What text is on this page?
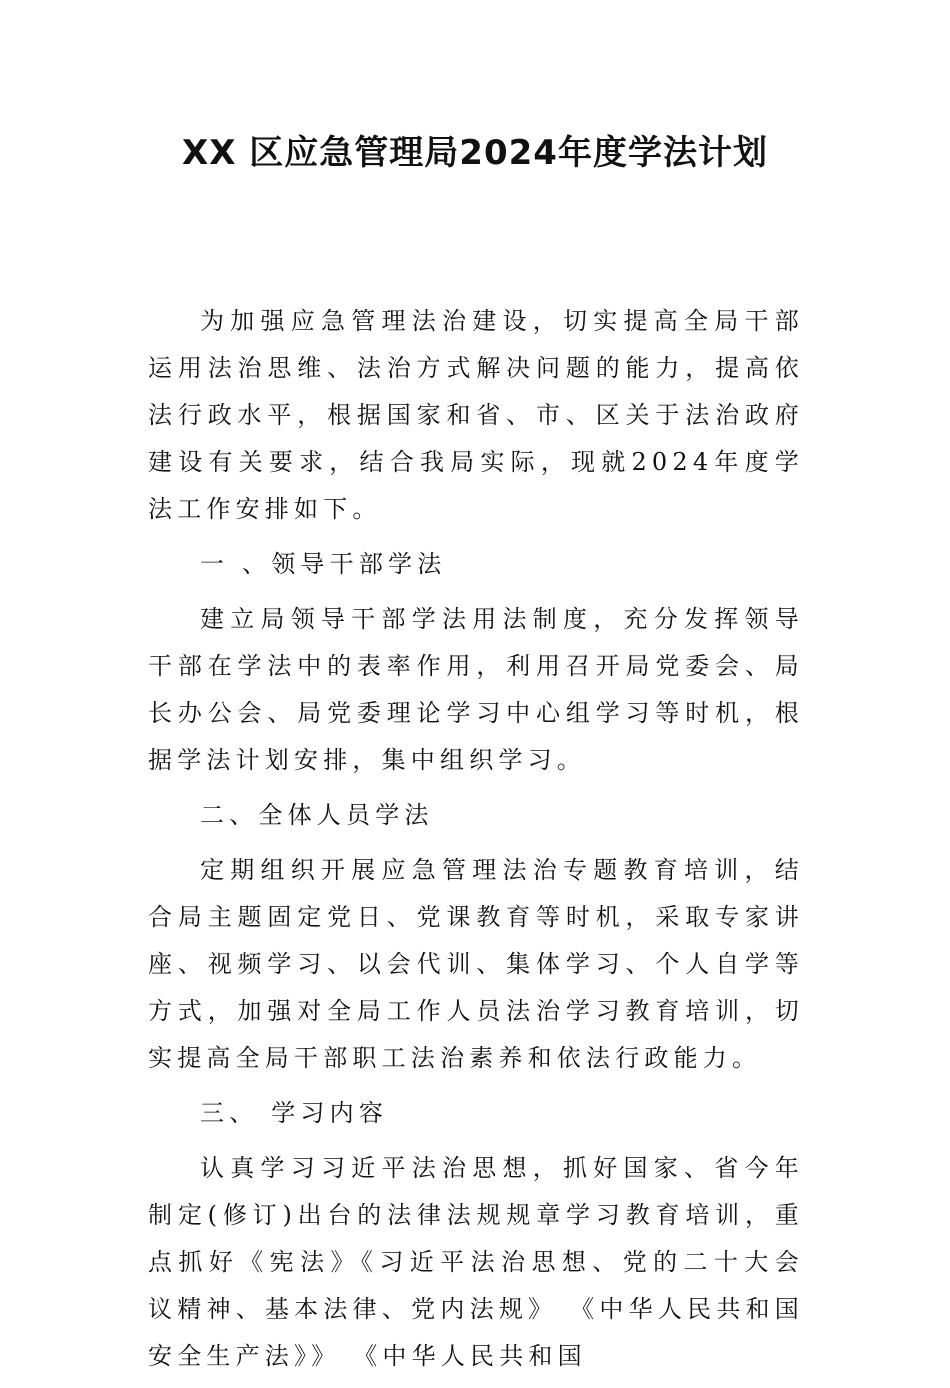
XX 区应急管理局2024年度学法计划

为加强应急管理法治建设，切实提高全局干部运用法治思维、法治方式解决问题的能力，提高依法行政水平，根据国家和省、市、区关于法治政府建设有关要求，结合我局实际，现就2024年度学法工作安排如下。

一 、领导干部学法

建立局领导干部学法用法制度，充分发挥领导干部在学法中的表率作用，利用召开局党委会、局长办公会、局党委理论学习中心组学习等时机，根据学法计划安排，集中组织学习。

二、全体人员学法

定期组织开展应急管理法治专题教育培训，结合局主题固定党日、党课教育等时机，采取专家讲座、视频学习、以会代训、集体学习、个人自学等方式，加强对全局工作人员法治学习教育培训，切实提高全局干部职工法治素养和依法行政能力。

三、 学习内容

认真学习习近平法治思想，抓好国家、省今年制定(修订)出台的法律法规规章学习教育培训，重点抓好《宪法》《习近平法治思想、党的二十大会议精神、基本法律、党内法规》 《中华人民共和国安全生产法》》 《中华人民共和国
